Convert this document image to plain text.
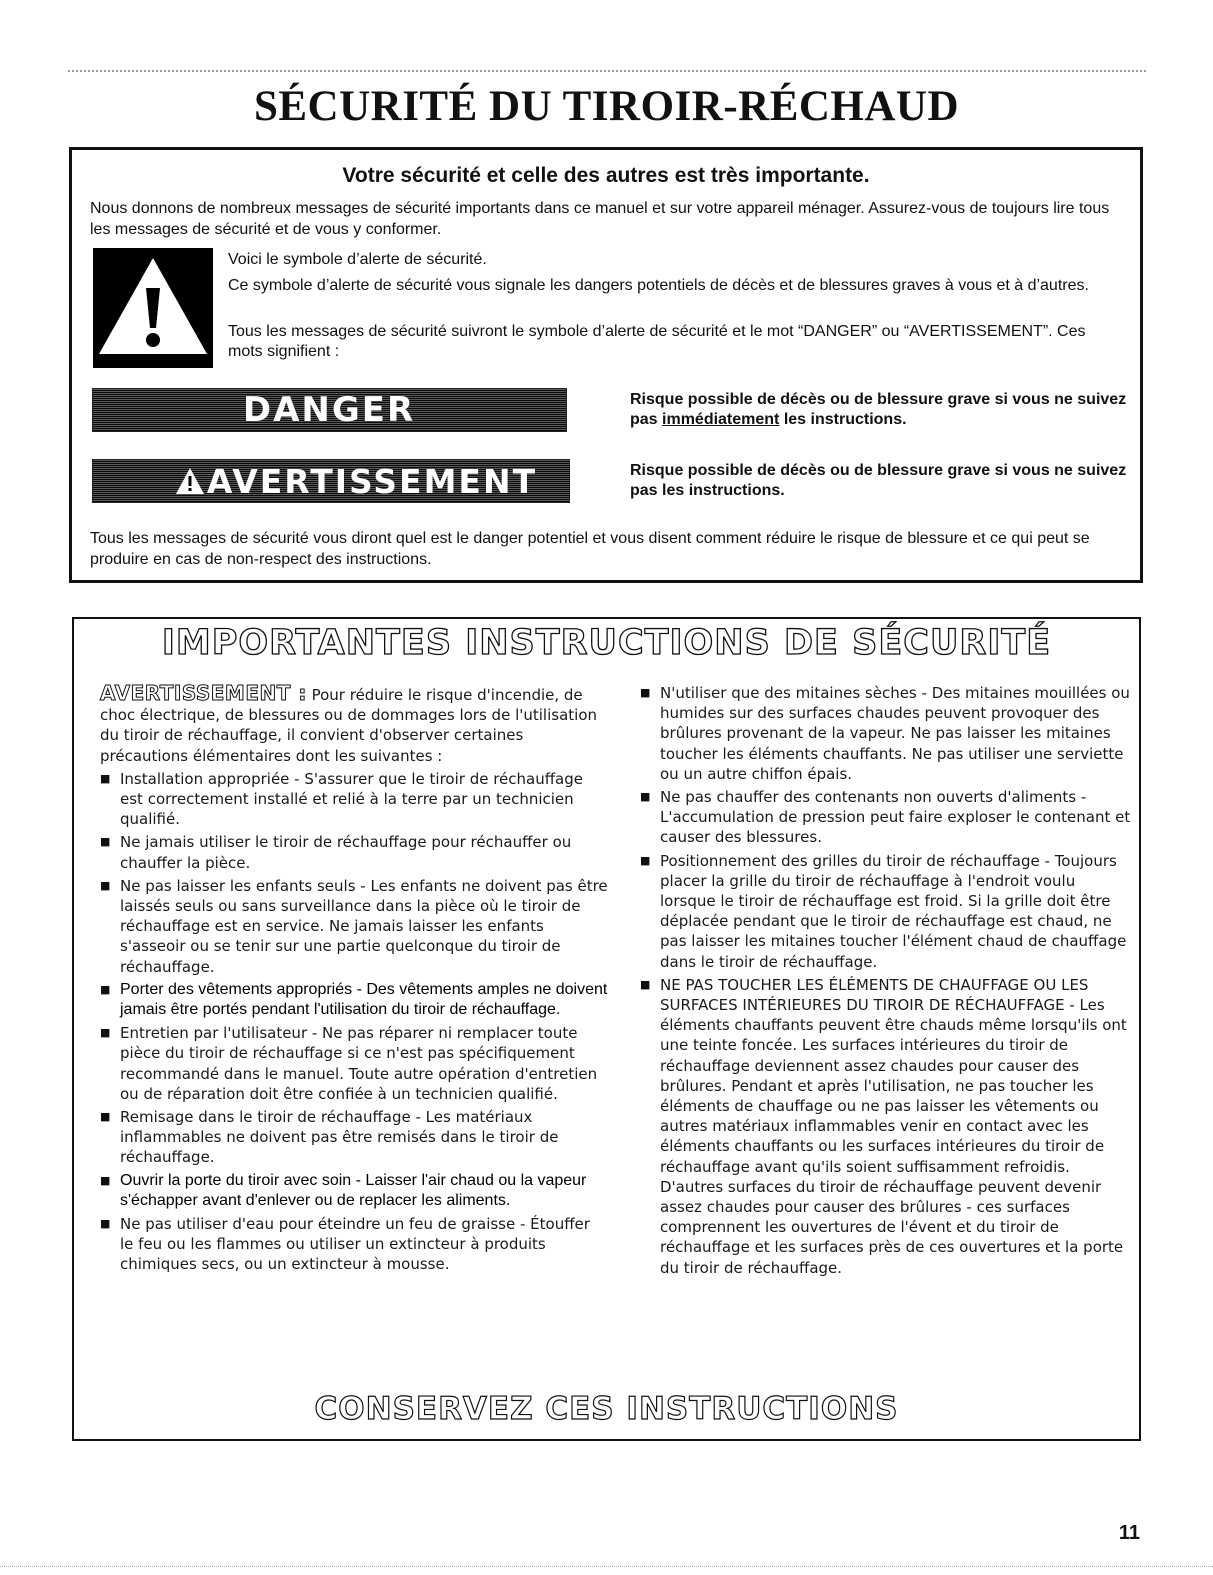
SÉCURITÉ DU TIROIR-RÉCHAUD
Votre sécurité et celle des autres est très importante.

Nous donnons de nombreux messages de sécurité importants dans ce manuel et sur votre appareil ménager. Assurez-vous de toujours lire tous les messages de sécurité et de vous y conformer.

Voici le symbole d’alerte de sécurité.

Ce symbole d’alerte de sécurité vous signale les dangers potentiels de décès et de blessures graves à vous et à d’autres.

Tous les messages de sécurité suivront le symbole d’alerte de sécurité et le mot “DANGER” ou “AVERTISSEMENT”. Ces mots signifient :

DANGER	Risque possible de décès ou de blessure grave si vous ne suivez pas immédiatement les instructions.

AVERTISSEMENT	Risque possible de décès ou de blessure grave si vous ne suivez pas les instructions.

Tous les messages de sécurité vous diront quel est le danger potentiel et vous disent comment réduire le risque de blessure et ce qui peut se produire en cas de non-respect des instructions.

IMPORTANTES INSTRUCTIONS DE SÉCURITÉ

AVERTISSEMENT : Pour réduire le risque d'incendie, de choc électrique, de blessures ou de dommages lors de l'utilisation du tiroir de réchauffage, il convient d'observer certaines précautions élémentaires dont les suivantes :

■ Installation appropriée - S'assurer que le tiroir de réchauffage est correctement installé et relié à la terre par un technicien qualifié.
■ Ne jamais utiliser le tiroir de réchauffage pour réchauffer ou chauffer la pièce.
■ Ne pas laisser les enfants seuls - Les enfants ne doivent pas être laissés seuls ou sans surveillance dans la pièce où le tiroir de réchauffage est en service. Ne jamais laisser les enfants s'asseoir ou se tenir sur une partie quelconque du tiroir de réchauffage.
■ Porter des vêtements appropriés - Des vêtements amples ne doivent jamais être portés pendant l'utilisation du tiroir de réchauffage.
■ Entretien par l'utilisateur - Ne pas réparer ni remplacer toute pièce du tiroir de réchauffage si ce n'est pas spécifiquement recommandé dans le manuel. Toute autre opération d'entretien ou de réparation doit être confiée à un technicien qualifié.
■ Remisage dans le tiroir de réchauffage - Les matériaux inflammables ne doivent pas être remisés dans le tiroir de réchauffage.
■ Ouvrir la porte du tiroir avec soin - Laisser l'air chaud ou la vapeur s'échapper avant d'enlever ou de replacer les aliments.
■ Ne pas utiliser d'eau pour éteindre un feu de graisse - Étouffer le feu ou les flammes ou utiliser un extincteur à produits chimiques secs, ou un extincteur à mousse.
■ N'utiliser que des mitaines sèches - Des mitaines mouillées ou humides sur des surfaces chaudes peuvent provoquer des brûlures provenant de la vapeur. Ne pas laisser les mitaines toucher les éléments chauffants. Ne pas utiliser une serviette ou un autre chiffon épais.
■ Ne pas chauffer des contenants non ouverts d'aliments - L'accumulation de pression peut faire exploser le contenant et causer des blessures.
■ Positionnement des grilles du tiroir de réchauffage - Toujours placer la grille du tiroir de réchauffage à l'endroit voulu lorsque le tiroir de réchauffage est froid. Si la grille doit être déplacée pendant que le tiroir de réchauffage est chaud, ne pas laisser les mitaines toucher l'élément chaud de chauffage dans le tiroir de réchauffage.
■ NE PAS TOUCHER LES ÉLÉMENTS DE CHAUFFAGE OU LES SURFACES INTÉRIEURES DU TIROIR DE RÉCHAUFFAGE - Les éléments chauffants peuvent être chauds même lorsqu'ils ont une teinte foncée. Les surfaces intérieures du tiroir de réchauffage deviennent assez chaudes pour causer des brûlures. Pendant et après l'utilisation, ne pas toucher les éléments de chauffage ou ne pas laisser les vêtements ou autres matériaux inflammables venir en contact avec les éléments chauffants ou les surfaces intérieures du tiroir de réchauffage avant qu'ils soient suffisamment refroidis. D'autres surfaces du tiroir de réchauffage peuvent devenir assez chaudes pour causer des brûlures - ces surfaces comprennent les ouvertures de l'évent et du tiroir de réchauffage et les surfaces près de ces ouvertures et la porte du tiroir de réchauffage.
CONSERVEZ CES INSTRUCTIONS
11
